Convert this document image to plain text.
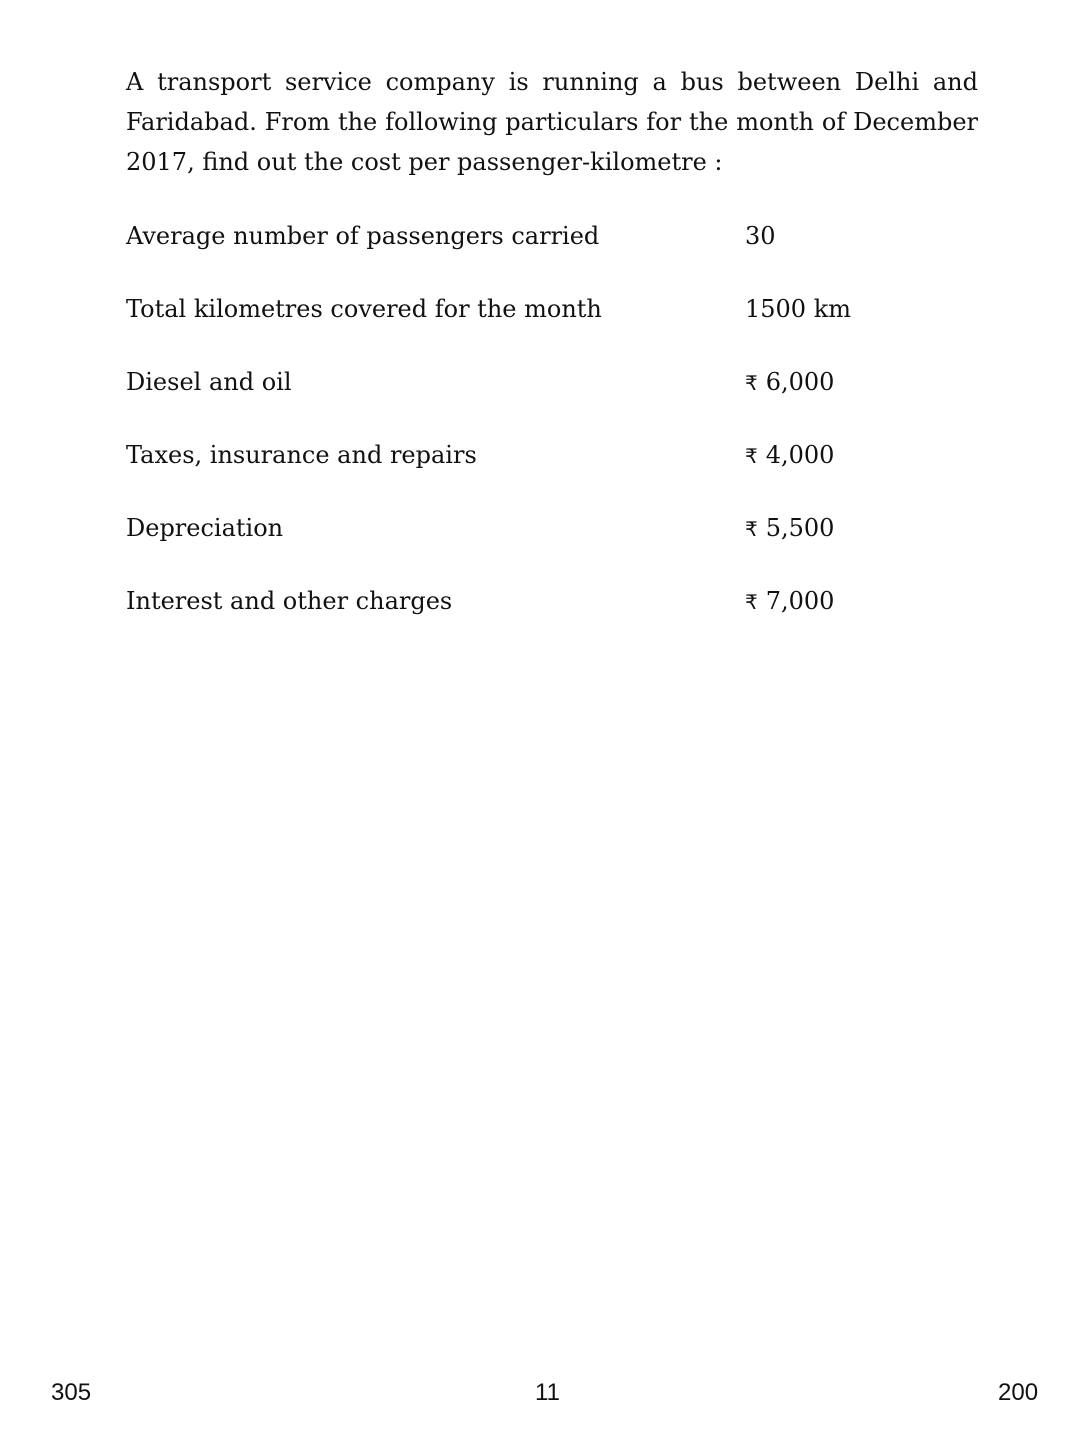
A transport service company is running a bus between Delhi and Faridabad. From the following particulars for the month of December 2017, find out the cost per passenger-kilometre :

Average number of passengers carried	30
Total kilometres covered for the month	1500 km
Diesel and oil	₹ 6,000
Taxes, insurance and repairs	₹ 4,000
Depreciation	₹ 5,500
Interest and other charges	₹ 7,000
305	11	200
